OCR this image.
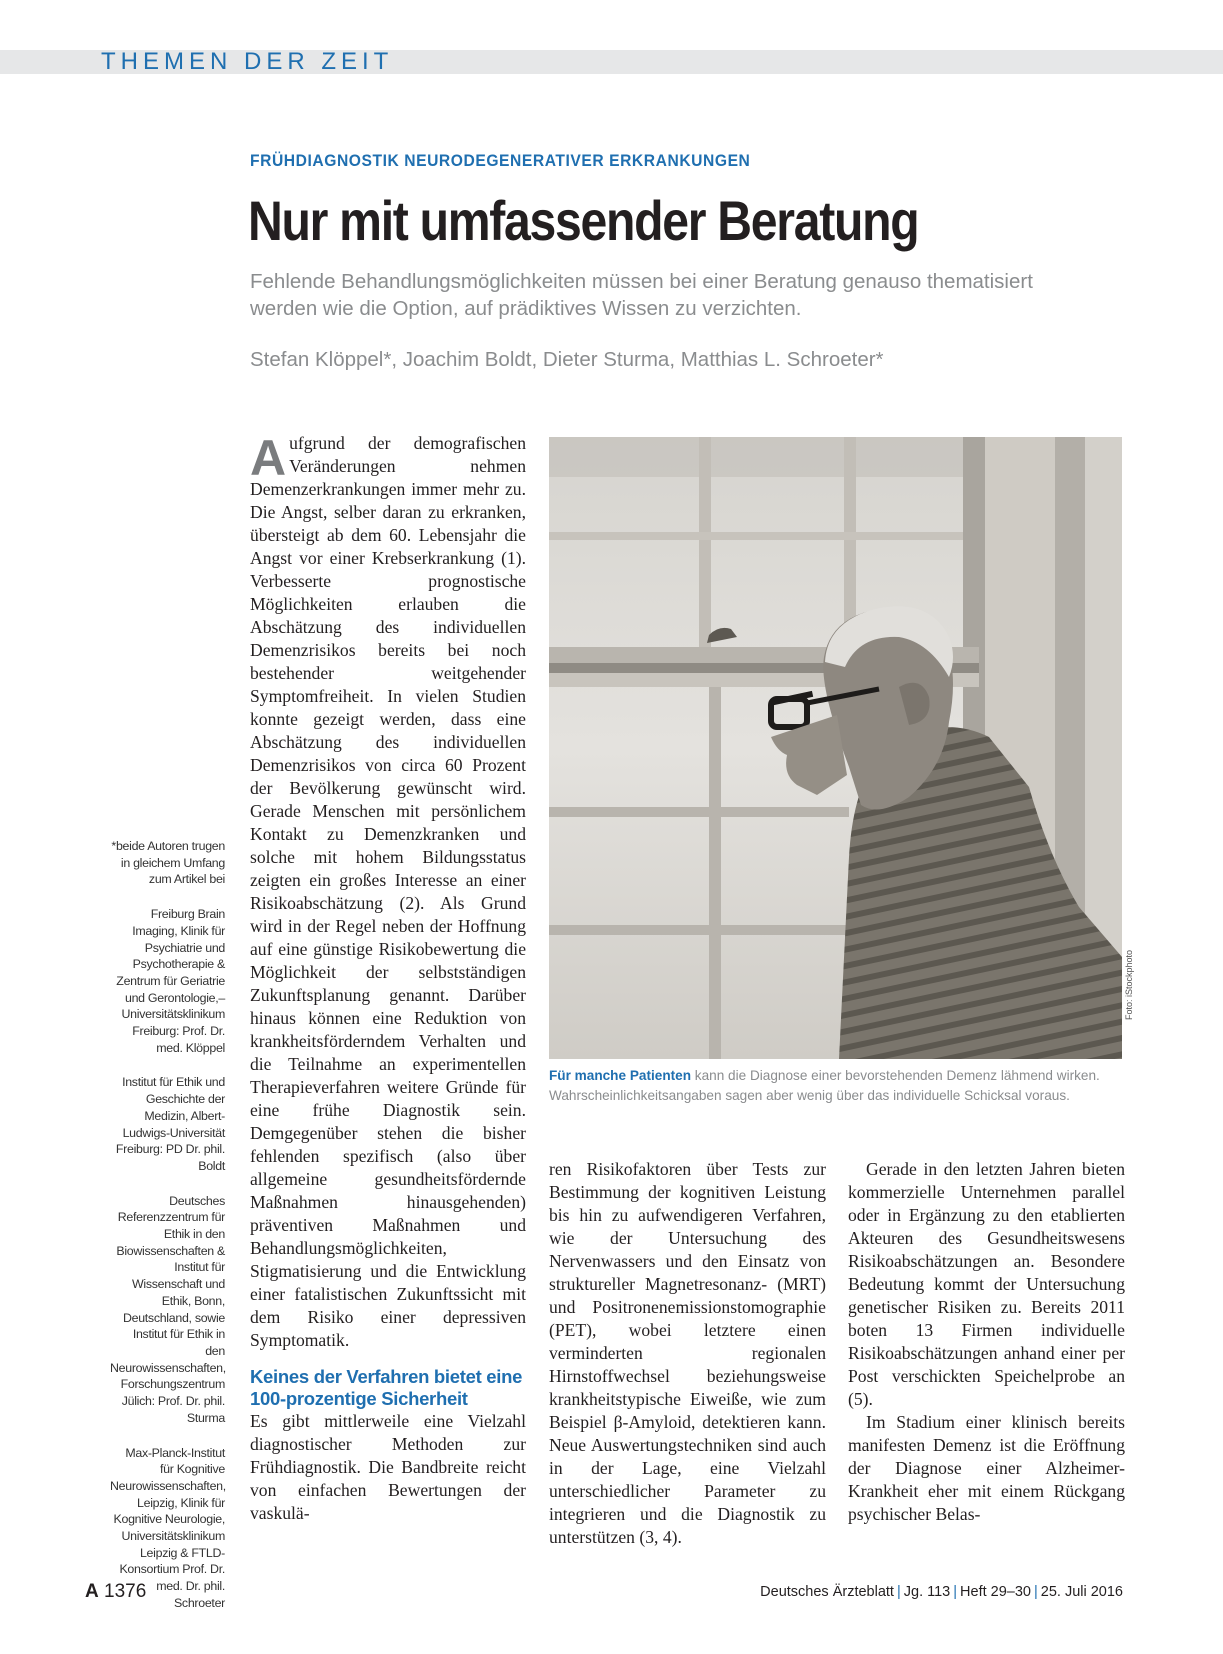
THEMEN DER ZEIT
FRÜHDIAGNOSTIK NEURODEGENERATIVER ERKRANKUNGEN
Nur mit umfassender Beratung
Fehlende Behandlungsmöglichkeiten müssen bei einer Beratung genauso thematisiert werden wie die Option, auf prädiktives Wissen zu verzichten.
Stefan Klöppel*, Joachim Boldt, Dieter Sturma, Matthias L. Schroeter*

*beide Autoren trugen in gleichem Umfang zum Artikel bei

Freiburg Brain Imaging, Klinik für Psychiatrie und Psychotherapie & Zentrum für Geriatrie und Gerontologie,– Universitätsklinikum Freiburg: Prof. Dr. med. Klöppel

Institut für Ethik und Geschichte der Medizin, Albert-Ludwigs-Universität Freiburg: PD Dr. phil. Boldt

Deutsches Referenzzentrum für Ethik in den Biowissenschaften & Institut für Wissenschaft und Ethik, Bonn, Deutschland, sowie Institut für Ethik in den Neurowissenschaften, Forschungszentrum Jülich: Prof. Dr. phil. Sturma

Max-Planck-Institut für Kognitive Neurowissenschaften, Leipzig, Klinik für Kognitive Neurologie, Universitätsklinikum Leipzig & FTLD-Konsortium Prof. Dr. med. Dr. phil. Schroeter

Aufgrund der demografischen Veränderungen nehmen Demenzerkrankungen immer mehr zu. Die Angst, selber daran zu erkranken, übersteigt ab dem 60. Lebensjahr die Angst vor einer Krebserkrankung (1). Verbesserte prognostische Möglichkeiten erlauben die Abschätzung des individuellen Demenzrisikos bereits bei noch bestehender weitgehender Symptomfreiheit. In vielen Studien konnte gezeigt werden, dass eine Abschätzung des individuellen Demenzrisikos von circa 60 Prozent der Bevölkerung gewünscht wird. Gerade Menschen mit persönlichem Kontakt zu Demenzkranken und solche mit hohem Bildungsstatus zeigten ein großes Interesse an einer Risikoabschätzung (2). Als Grund wird in der Regel neben der Hoffnung auf eine günstige Risikobewertung die Möglichkeit der selbstständigen Zukunftsplanung genannt. Darüber hinaus können eine Reduktion von krankheitsförderndem Verhalten und die Teilnahme an experimentellen Therapieverfahren weitere Gründe für eine frühe Diagnostik sein. Demgegenüber stehen die bisher fehlenden spezifisch (also über allgemeine gesundheitsfördernde Maßnahmen hinausgehenden) präventiven Maßnahmen und Behandlungsmöglichkeiten, Stigmatisierung und die Entwicklung einer fatalistischen Zukunftssicht mit dem Risiko einer depressiven Symptomatik.

Keines der Verfahren bietet eine 100-prozentige Sicherheit

Es gibt mittlerweile eine Vielzahl diagnostischer Methoden zur Frühdiagnostik. Die Bandbreite reicht von einfachen Bewertungen der vaskulä-

Foto: iStockphoto
Für manche Patienten kann die Diagnose einer bevorstehenden Demenz lähmend wirken. Wahrscheinlichkeitsangaben sagen aber wenig über das individuelle Schicksal voraus.

ren Risikofaktoren über Tests zur Bestimmung der kognitiven Leistung bis hin zu aufwendigeren Verfahren, wie der Untersuchung des Nervenwassers und den Einsatz von struktureller Magnetresonanz- (MRT) und Positronenemissionstomographie (PET), wobei letztere einen verminderten regionalen Hirnstoffwechsel beziehungsweise krankheitstypische Eiweiße, wie zum Beispiel β-Amyloid, detektieren kann. Neue Auswertungstechniken sind auch in der Lage, eine Vielzahl unterschiedlicher Parameter zu integrieren und die Diagnostik zu unterstützen (3, 4).

Gerade in den letzten Jahren bieten kommerzielle Unternehmen parallel oder in Ergänzung zu den etablierten Akteuren des Gesundheitswesens Risikoabschätzungen an. Besondere Bedeutung kommt der Untersuchung genetischer Risiken zu. Bereits 2011 boten 13 Firmen individuelle Risikoabschätzungen anhand einer per Post verschickten Speichelprobe an (5).

Im Stadium einer klinisch bereits manifesten Demenz ist die Eröffnung der Diagnose einer Alzheimer-Krankheit eher mit einem Rückgang psychischer Belas-

A 1376	Deutsches Ärzteblatt | Jg. 113 | Heft 29–30 | 25. Juli 2016
